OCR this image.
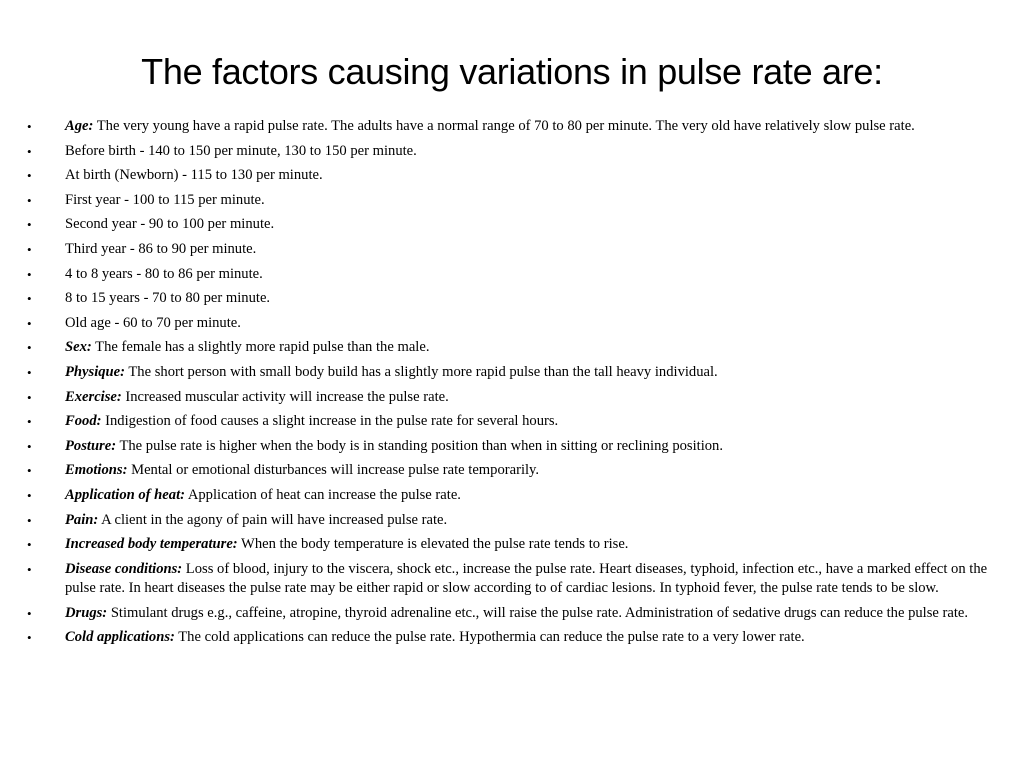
The factors causing variations in pulse rate are:
• Age: The very young have a rapid pulse rate. The adults have a normal range of 70 to 80 per minute. The very old have relatively slow pulse rate.
• Before birth - 140 to 150 per minute, 130 to 150 per minute.
• At birth (Newborn) - 115 to 130 per minute.
• First year - 100 to 115 per minute.
• Second year - 90 to 100 per minute.
• Third year - 86 to 90 per minute.
• 4 to 8 years - 80 to 86 per minute.
• 8 to 15 years - 70 to 80 per minute.
• Old age - 60 to 70 per minute.
• Sex: The female has a slightly more rapid pulse than the male.
• Physique: The short person with small body build has a slightly more rapid pulse than the tall heavy individual.
• Exercise: Increased muscular activity will increase the pulse rate.
• Food: Indigestion of food causes a slight increase in the pulse rate for several hours.
• Posture: The pulse rate is higher when the body is in standing position than when in sitting or reclining position.
• Emotions: Mental or emotional disturbances will increase pulse rate temporarily.
• Application of heat: Application of heat can increase the pulse rate.
• Pain: A client in the agony of pain will have increased pulse rate.
• Increased body temperature: When the body temperature is elevated the pulse rate tends to rise.
• Disease conditions: Loss of blood, injury to the viscera, shock etc., increase the pulse rate. Heart diseases, typhoid, infection etc., have a marked effect on the pulse rate. In heart diseases the pulse rate may be either rapid or slow according to of cardiac lesions. In typhoid fever, the pulse rate tends to be slow.
• Drugs: Stimulant drugs e.g., caffeine, atropine, thyroid adrenaline etc., will raise the pulse rate. Administration of sedative drugs can reduce the pulse rate.
• Cold applications: The cold applications can reduce the pulse rate. Hypothermia can reduce the pulse rate to a very lower rate.
